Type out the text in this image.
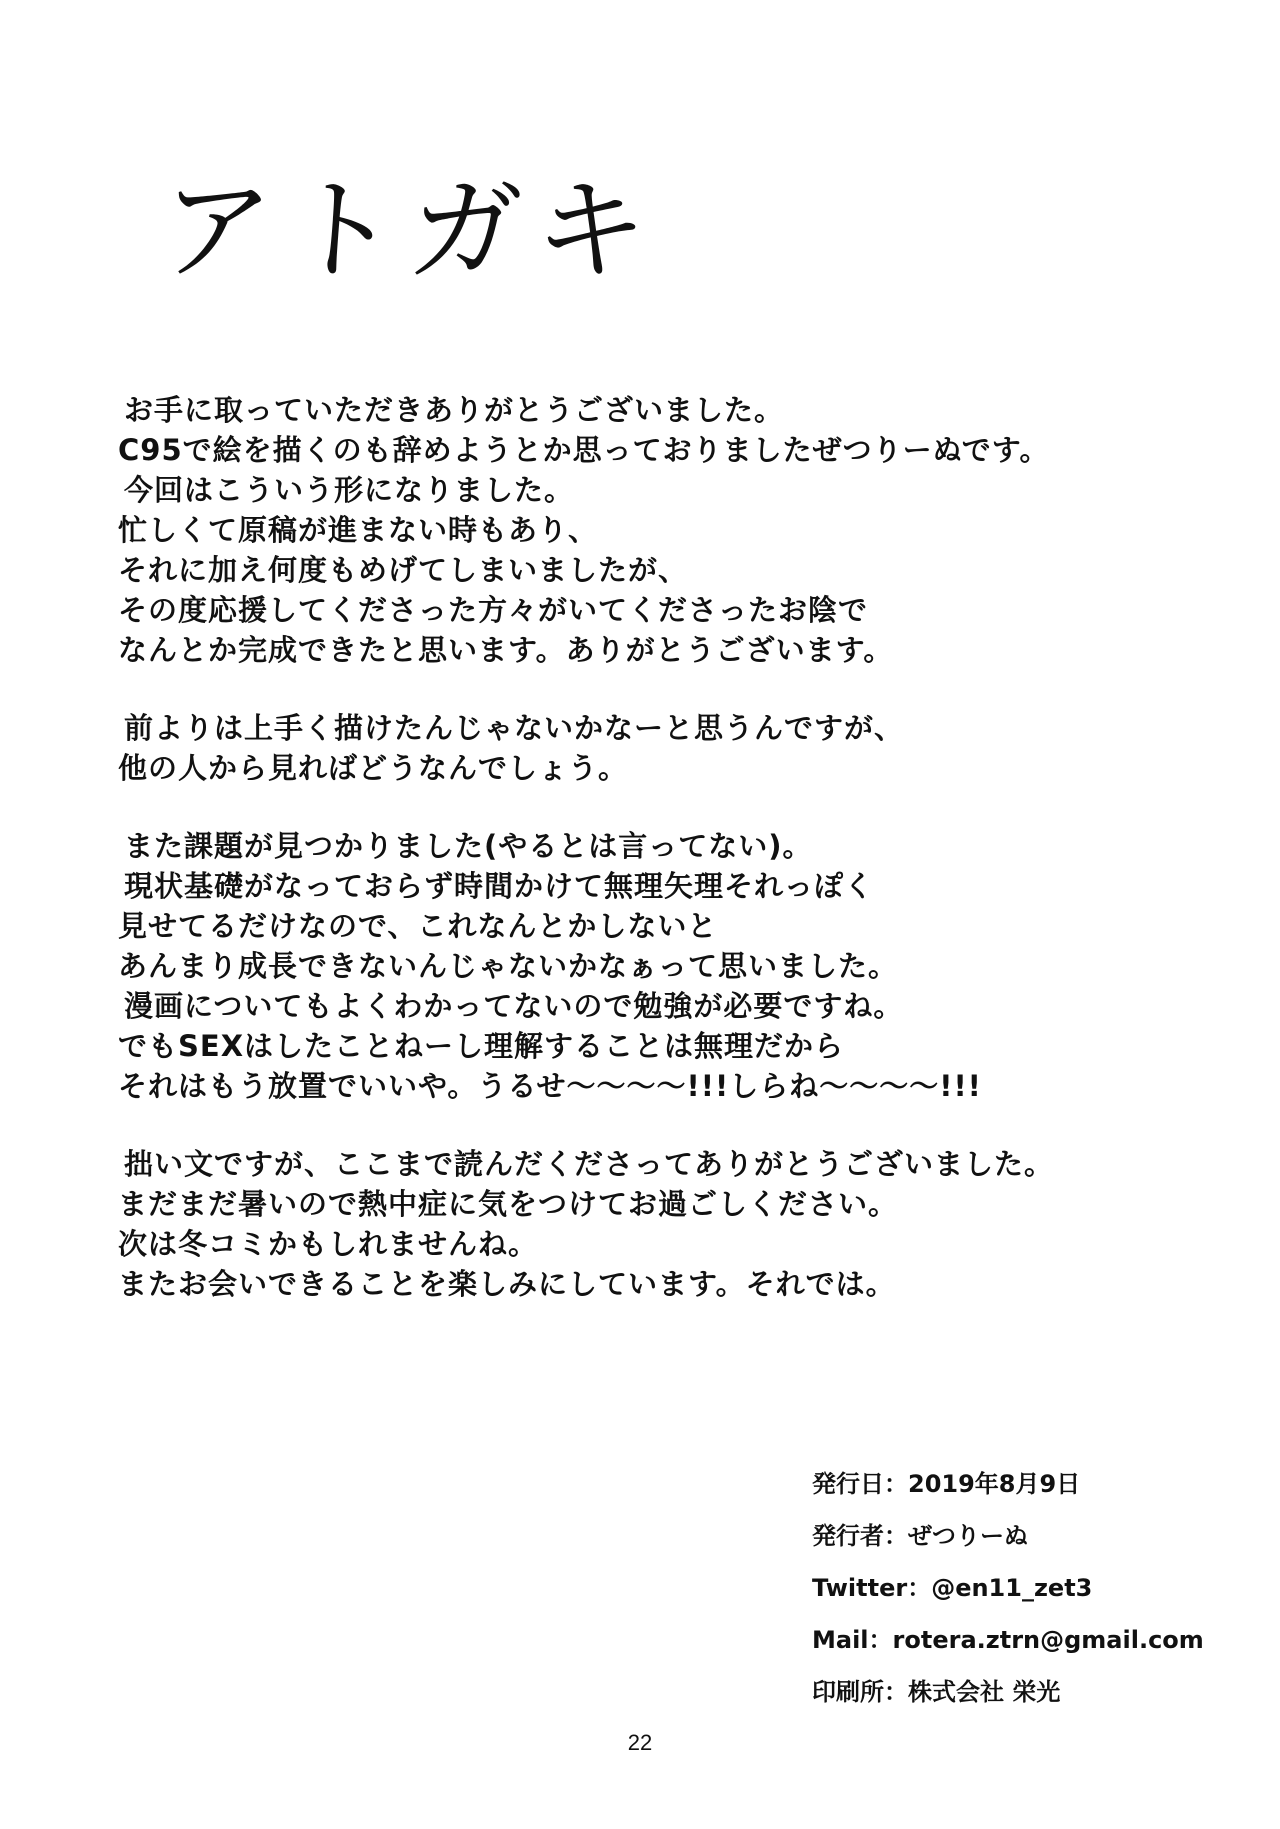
アトガキ
お手に取っていただきありがとうございました。
C95で絵を描くのも辞めようとか思っておりましたぜつりーぬです。
今回はこういう形になりました。
忙しくて原稿が進まない時もあり、
それに加え何度もめげてしまいましたが、
その度応援してくださった方々がいてくださったお陰で
なんとか完成できたと思います。ありがとうございます。
前よりは上手く描けたんじゃないかなーと思うんですが、
他の人から見ればどうなんでしょう。
また課題が見つかりました(やるとは言ってない)。
現状基礎がなっておらず時間かけて無理矢理それっぽく
見せてるだけなので、これなんとかしないと
あんまり成長できないんじゃないかなぁって思いました。
漫画についてもよくわかってないので勉強が必要ですね。
でもSEXはしたことねーし理解することは無理だから
それはもう放置でいいや。うるせ〜〜〜〜!!!しらね〜〜〜〜!!!
拙い文ですが、ここまで読んだくださってありがとうございました。
まだまだ暑いので熱中症に気をつけてお過ごしください。
次は冬コミかもしれませんね。
またお会いできることを楽しみにしています。それでは。
発行日：2019年8月9日
発行者：ぜつりーぬ
Twitter：@en11_zet3
Mail：rotera.ztrn@gmail.com
印刷所：株式会社 栄光
22
